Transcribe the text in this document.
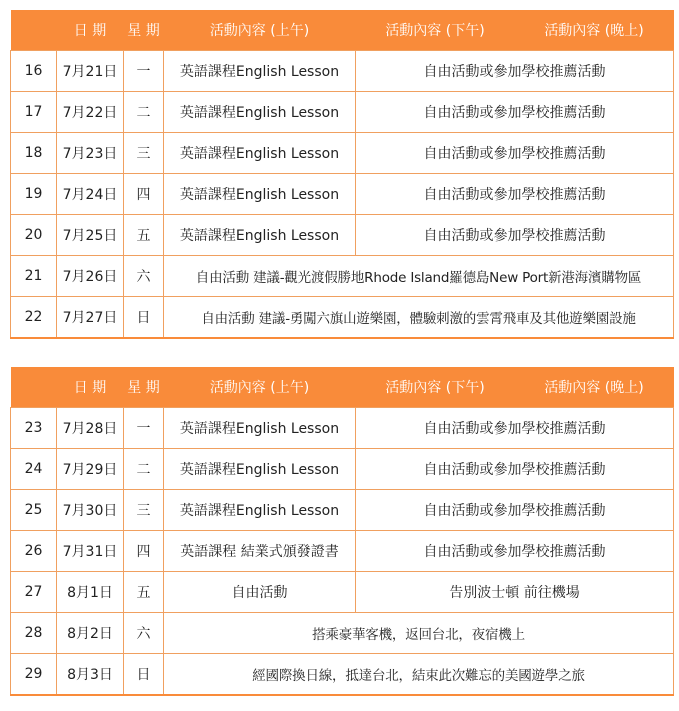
	日 期	星 期	活動內容 (上午)	活動內容 (下午)	活動內容 (晚上)
16	7月21日	一	英語課程English Lesson	自由活動或參加學校推薦活動	
17	7月22日	二	英語課程English Lesson	自由活動或參加學校推薦活動	
18	7月23日	三	英語課程English Lesson	自由活動或參加學校推薦活動	
19	7月24日	四	英語課程English Lesson	自由活動或參加學校推薦活動	
20	7月25日	五	英語課程English Lesson	自由活動或參加學校推薦活動	
21	7月26日	六	自由活動 建議-觀光渡假勝地Rhode Island羅德島New Port新港海濱購物區		
22	7月27日	日	自由活動 建議-勇闖六旗山遊樂園，體驗刺激的雲霄飛車及其他遊樂園設施		
	日 期	星 期	活動內容 (上午)	活動內容 (下午)	活動內容 (晚上)
23	7月28日	一	英語課程English Lesson	自由活動或參加學校推薦活動	
24	7月29日	二	英語課程English Lesson	自由活動或參加學校推薦活動	
25	7月30日	三	英語課程English Lesson	自由活動或參加學校推薦活動	
26	7月31日	四	英語課程 結業式頒發證書	自由活動或參加學校推薦活動	
27	8月1日	五	自由活動	告別波士頓 前往機場	
28	8月2日	六	搭乘豪華客機，返回台北，夜宿機上		
29	8月3日	日	經國際換日線，抵達台北，結束此次難忘的美國遊學之旅		
